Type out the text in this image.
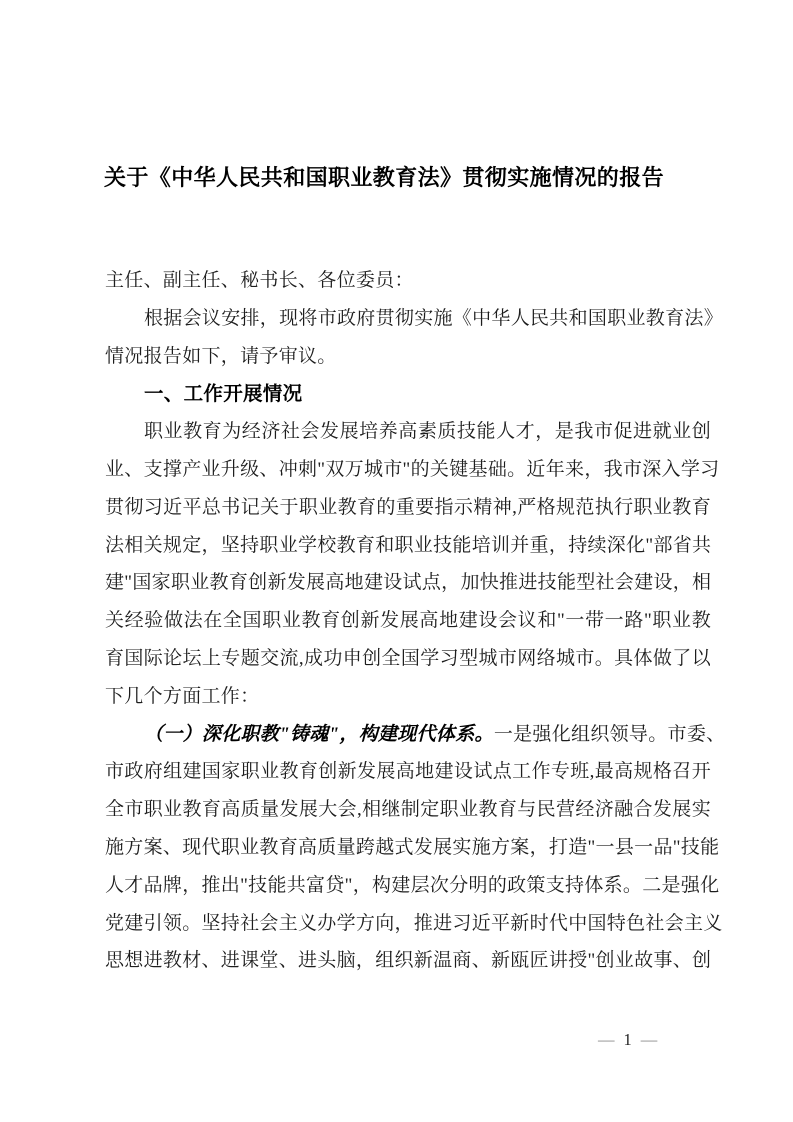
关于《中华人民共和国职业教育法》贯彻实施情况的报告
主任、副主任、秘书长、各位委员：
根据会议安排，现将市政府贯彻实施《中华人民共和国职业教育法》
情况报告如下，请予审议。
一、工作开展情况
职业教育为经济社会发展培养高素质技能人才，是我市促进就业创
业、支撑产业升级、冲刺"双万城市"的关键基础。近年来，我市深入学习
贯彻习近平总书记关于职业教育的重要指示精神,严格规范执行职业教育
法相关规定，坚持职业学校教育和职业技能培训并重，持续深化"部省共
建"国家职业教育创新发展高地建设试点，加快推进技能型社会建设，相
关经验做法在全国职业教育创新发展高地建设会议和"一带一路"职业教
育国际论坛上专题交流,成功申创全国学习型城市网络城市。具体做了以
下几个方面工作：
（一）深化职教"铸魂"，构建现代体系。一是强化组织领导。市委、
市政府组建国家职业教育创新发展高地建设试点工作专班,最高规格召开
全市职业教育高质量发展大会,相继制定职业教育与民营经济融合发展实
施方案、现代职业教育高质量跨越式发展实施方案，打造"一县一品"技能
人才品牌，推出"技能共富贷"，构建层次分明的政策支持体系。二是强化
党建引领。坚持社会主义办学方向，推进习近平新时代中国特色社会主义
思想进教材、进课堂、进头脑，组织新温商、新瓯匠讲授"创业故事、创
— 1 —
